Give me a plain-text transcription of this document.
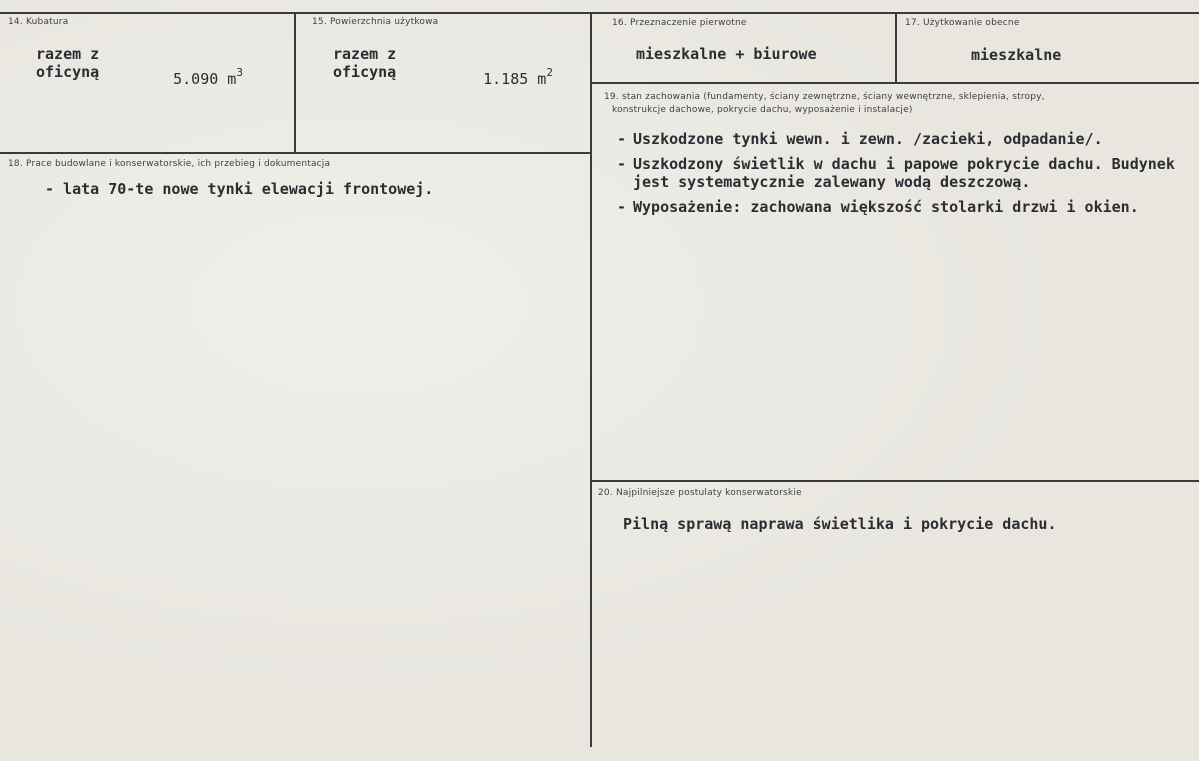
14. Kubatura
razem z
oficyną	5.090 $m^3$

15. Powierzchnia użytkowa
razem z
oficyną	1.185 $m^2$

16. Przeznaczenie pierwotne
mieszkalne + biurowe
17. Użytkowanie obecne
mieszkalne
18. Prace budowlane i konserwatorskie, ich przebieg i dokumentacja
- lata 70-te nowe tynki elewacji frontowej.
19. stan zachowania (fundamenty, ściany zewnętrzne, ściany wewnętrzne, sklepienia, stropy,
konstrukcje dachowe, pokrycie dachu, wyposażenie i instalacje)
- Uszkodzone tynki wewn. i zewn. /zacieki, odpadanie/.
- Uszkodzony świetlik w dachu i papowe pokrycie dachu. Budynek jest systematycznie zalewany wodą deszczową.
- Wyposażenie: zachowana większość stolarki drzwi i okien.
20. Najpilniejsze postulaty konserwatorskie
Pilną sprawą naprawa świetlika i pokrycie dachu.
